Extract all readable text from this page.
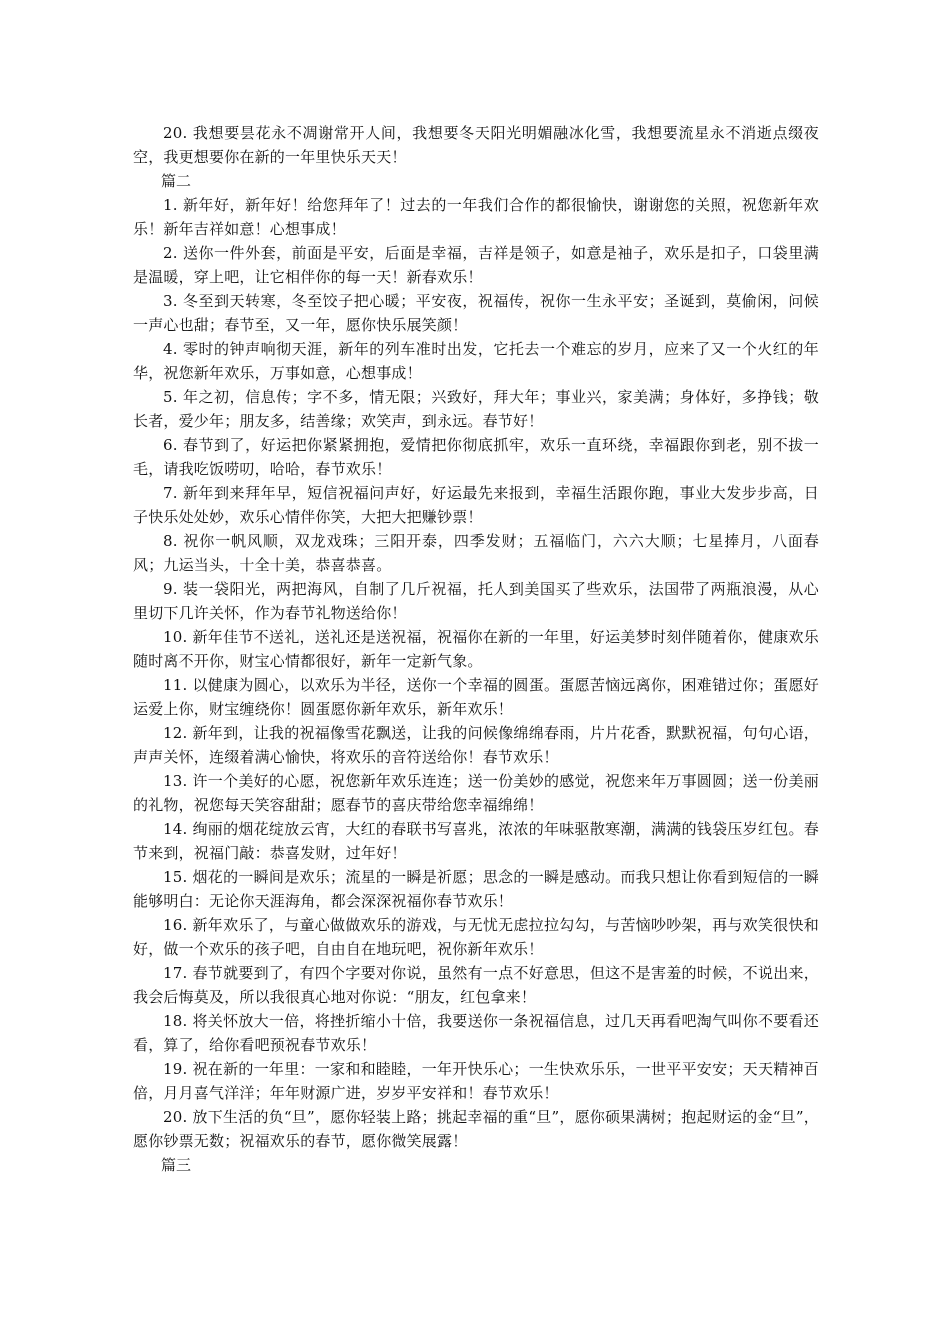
20. 我想要昙花永不凋谢常开人间，我想要冬天阳光明媚融冰化雪，我想要流星永不消逝点缀夜空，我更想要你在新的一年里快乐天天！

篇二

1. 新年好，新年好！给您拜年了！过去的一年我们合作的都很愉快，谢谢您的关照，祝您新年欢乐！新年吉祥如意！心想事成！

2. 送你一件外套，前面是平安，后面是幸福，吉祥是领子，如意是袖子，欢乐是扣子，口袋里满是温暖，穿上吧，让它相伴你的每一天！新春欢乐！

3. 冬至到天转寒，冬至饺子把心暖；平安夜，祝福传，祝你一生永平安；圣诞到，莫偷闲，问候一声心也甜；春节至，又一年，愿你快乐展笑颜！

4. 零时的钟声响彻天涯，新年的列车准时出发，它托去一个难忘的岁月，应来了又一个火红的年华，祝您新年欢乐，万事如意，心想事成！

5. 年之初，信息传；字不多，情无限；兴致好，拜大年；事业兴，家美满；身体好，多挣钱；敬长者，爱少年；朋友多，结善缘；欢笑声，到永远。春节好！

6. 春节到了，好运把你紧紧拥抱，爱情把你彻底抓牢，欢乐一直环绕，幸福跟你到老，别不拔一毛，请我吃饭唠叨，哈哈，春节欢乐！

7. 新年到来拜年早，短信祝福问声好，好运最先来报到，幸福生活跟你跑，事业大发步步高，日子快乐处处妙，欢乐心情伴你笑，大把大把赚钞票！

8. 祝你一帆风顺，双龙戏珠；三阳开泰，四季发财；五福临门，六六大顺；七星捧月，八面春风；九运当头，十全十美，恭喜恭喜。

9. 装一袋阳光，两把海风，自制了几斤祝福，托人到美国买了些欢乐，法国带了两瓶浪漫，从心里切下几许关怀，作为春节礼物送给你！

10. 新年佳节不送礼，送礼还是送祝福，祝福你在新的一年里，好运美梦时刻伴随着你，健康欢乐随时离不开你，财宝心情都很好，新年一定新气象。

11. 以健康为圆心，以欢乐为半径，送你一个幸福的圆蛋。蛋愿苦恼远离你，困难错过你；蛋愿好运爱上你，财宝缠绕你！圆蛋愿你新年欢乐，新年欢乐！

12. 新年到，让我的祝福像雪花飘送，让我的问候像绵绵春雨，片片花香，默默祝福，句句心语，声声关怀，连缀着满心愉快，将欢乐的音符送给你！春节欢乐！

13. 许一个美好的心愿，祝您新年欢乐连连；送一份美妙的感觉，祝您来年万事圆圆；送一份美丽的礼物，祝您每天笑容甜甜；愿春节的喜庆带给您幸福绵绵！

14. 绚丽的烟花绽放云宵，大红的春联书写喜兆，浓浓的年味驱散寒潮，满满的钱袋压岁红包。春节来到，祝福门敲：恭喜发财，过年好！

15. 烟花的一瞬间是欢乐；流星的一瞬是祈愿；思念的一瞬是感动。而我只想让你看到短信的一瞬能够明白：无论你天涯海角，都会深深祝福你春节欢乐！

16. 新年欢乐了，与童心做做欢乐的游戏，与无忧无虑拉拉勾勾，与苦恼吵吵架，再与欢笑很快和好，做一个欢乐的孩子吧，自由自在地玩吧，祝你新年欢乐！

17. 春节就要到了，有四个字要对你说，虽然有一点不好意思，但这不是害羞的时候，不说出来，我会后悔莫及，所以我很真心地对你说：“朋友，红包拿来！

18. 将关怀放大一倍，将挫折缩小十倍，我要送你一条祝福信息，过几天再看吧淘气叫你不要看还看，算了，给你看吧预祝春节欢乐！

19. 祝在新的一年里：一家和和睦睦，一年开快乐心；一生快欢乐乐，一世平平安安；天天精神百倍，月月喜气洋洋；年年财源广进，岁岁平安祥和！春节欢乐！

20. 放下生活的负“旦”，愿你轻装上路；挑起幸福的重“旦”，愿你硕果满树；抱起财运的金“旦”，愿你钞票无数；祝福欢乐的春节，愿你微笑展露！

篇三
